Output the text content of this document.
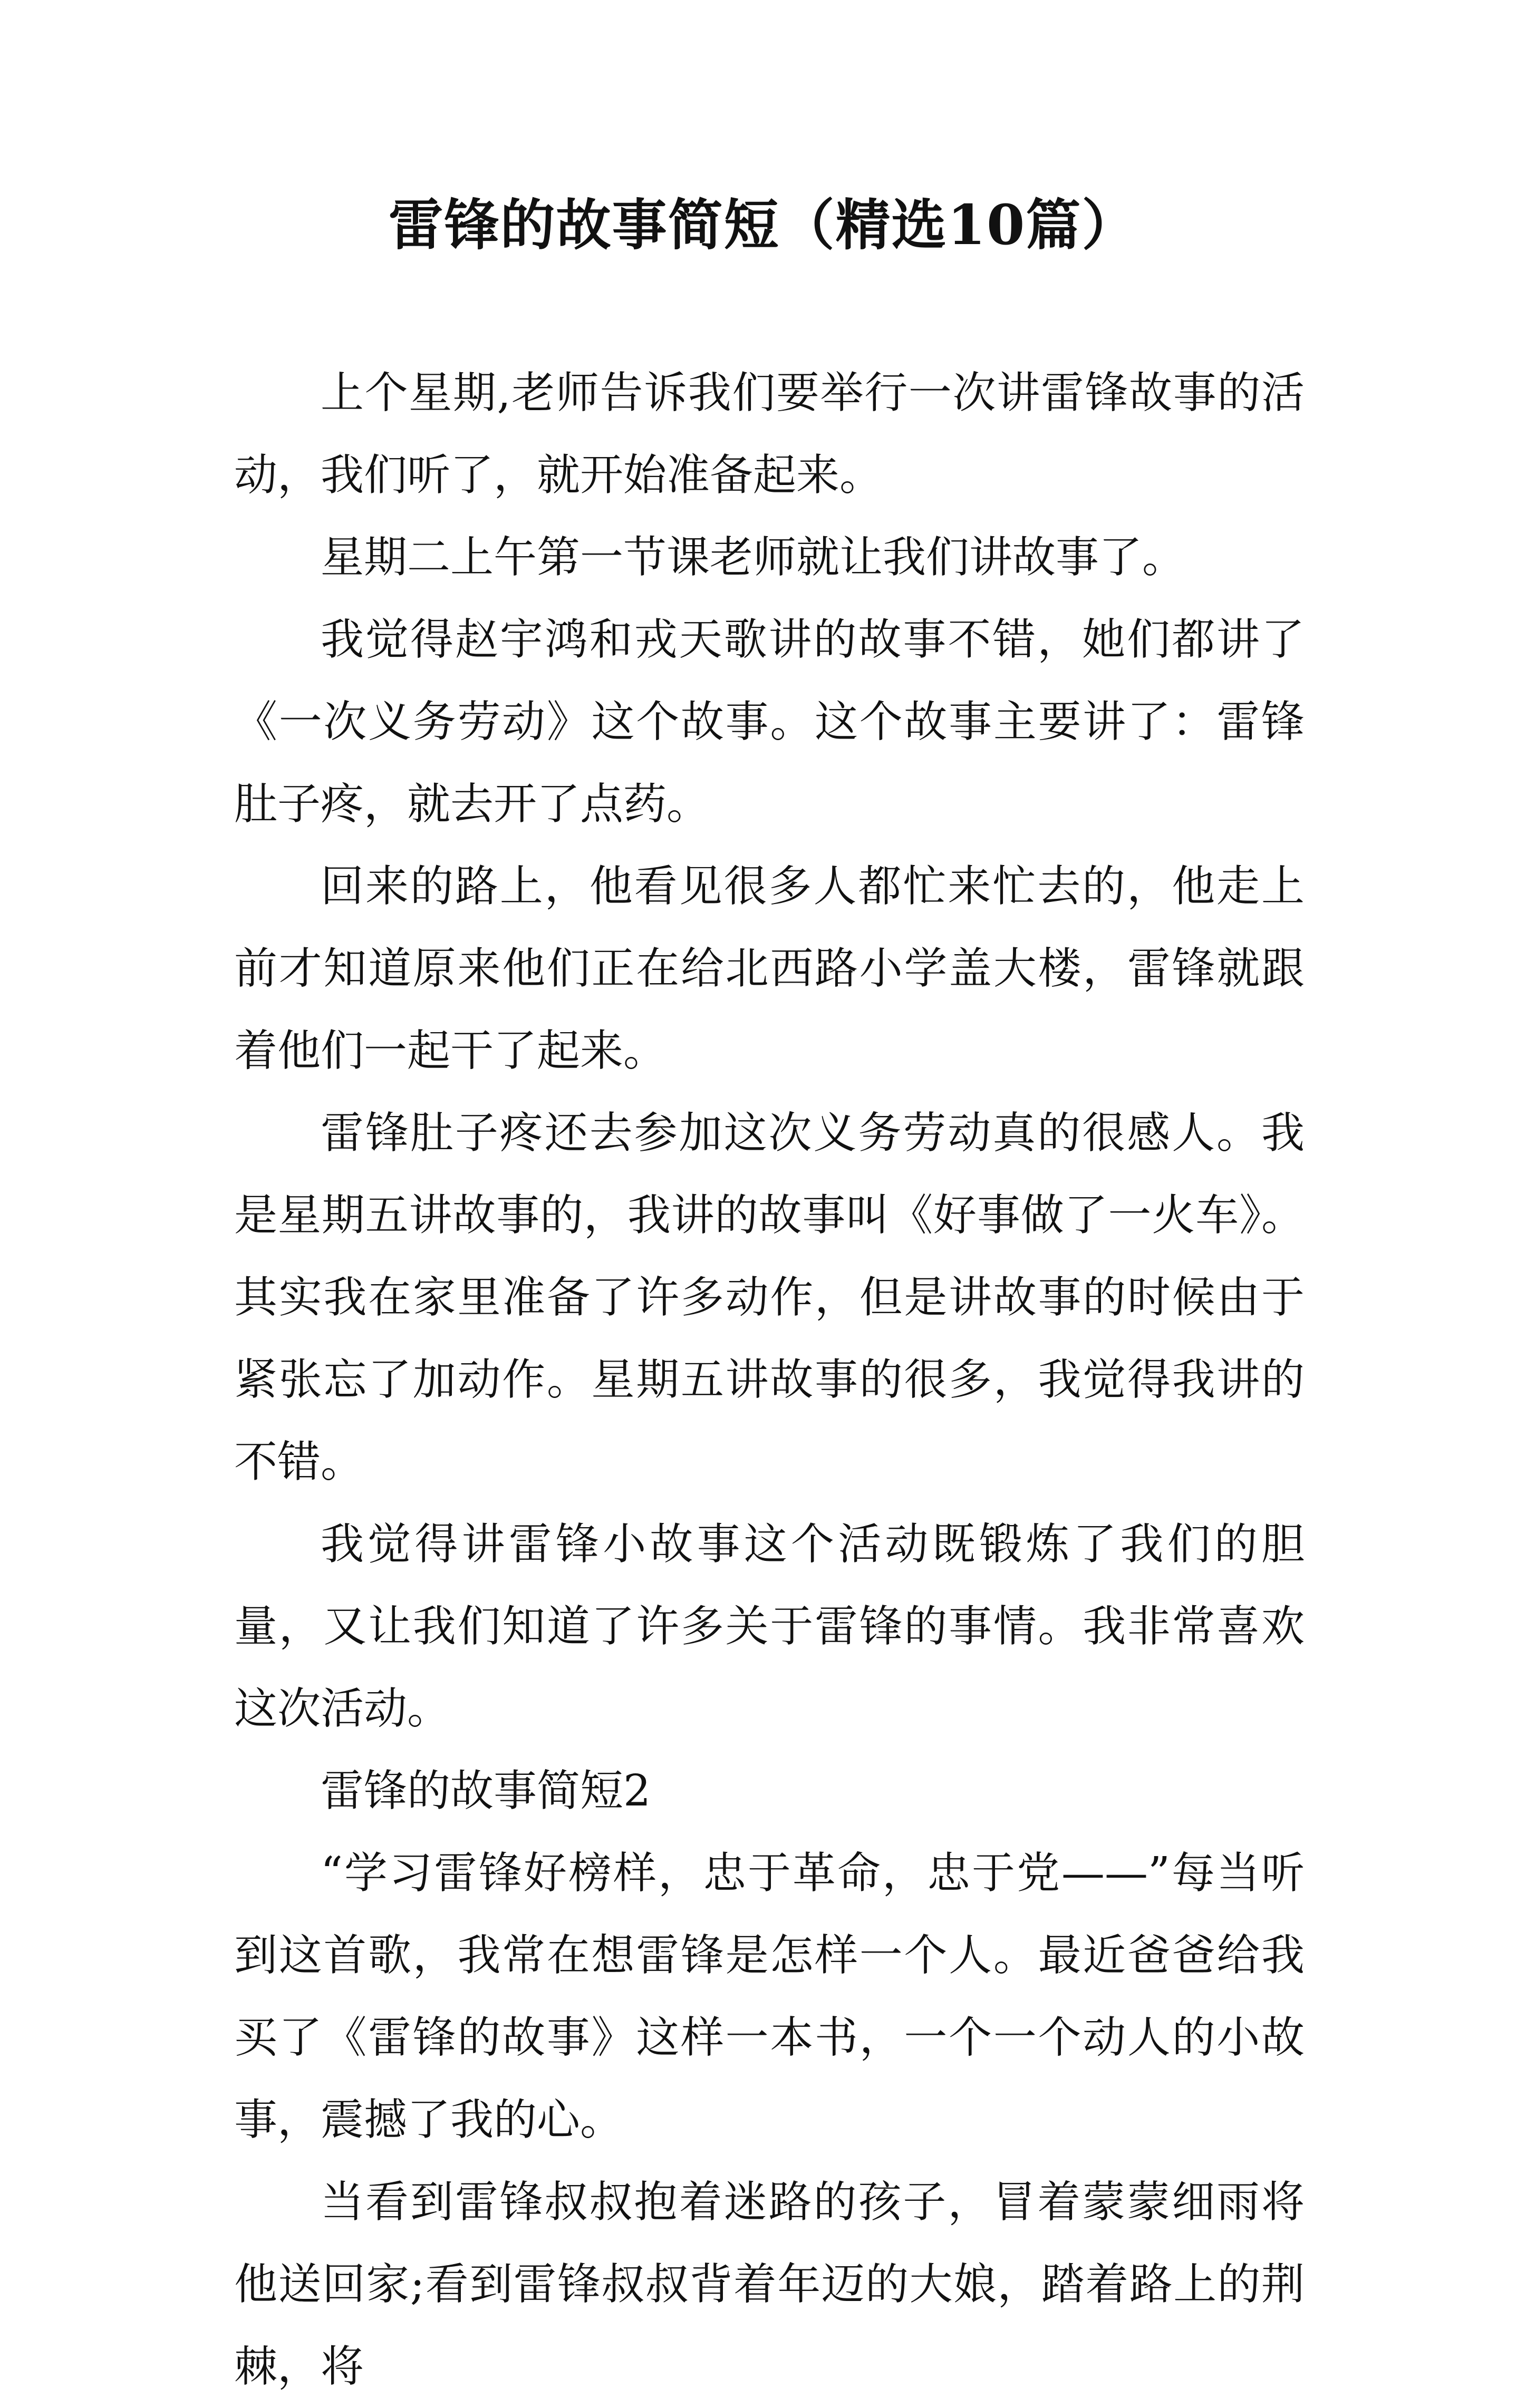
雷锋的故事简短（精选10篇）

上个星期,老师告诉我们要举行一次讲雷锋故事的活动，我们听了，就开始准备起来。

星期二上午第一节课老师就让我们讲故事了。

我觉得赵宇鸿和戎天歌讲的故事不错，她们都讲了《一次义务劳动》这个故事。这个故事主要讲了：雷锋肚子疼，就去开了点药。

回来的路上，他看见很多人都忙来忙去的，他走上前才知道原来他们正在给北西路小学盖大楼，雷锋就跟着他们一起干了起来。

雷锋肚子疼还去参加这次义务劳动真的很感人。我是星期五讲故事的，我讲的故事叫《好事做了一火车》。其实我在家里准备了许多动作，但是讲故事的时候由于紧张忘了加动作。星期五讲故事的很多，我觉得我讲的不错。

我觉得讲雷锋小故事这个活动既锻炼了我们的胆量，又让我们知道了许多关于雷锋的事情。我非常喜欢这次活动。

雷锋的故事简短2

“学习雷锋好榜样，忠于革命，忠于党——”每当听到这首歌，我常在想雷锋是怎样一个人。最近爸爸给我买了《雷锋的故事》这样一本书，一个一个动人的小故事，震撼了我的心。

当看到雷锋叔叔抱着迷路的孩子，冒着蒙蒙细雨将他送回家;看到雷锋叔叔背着年迈的大娘，踏着路上的荆棘，将
